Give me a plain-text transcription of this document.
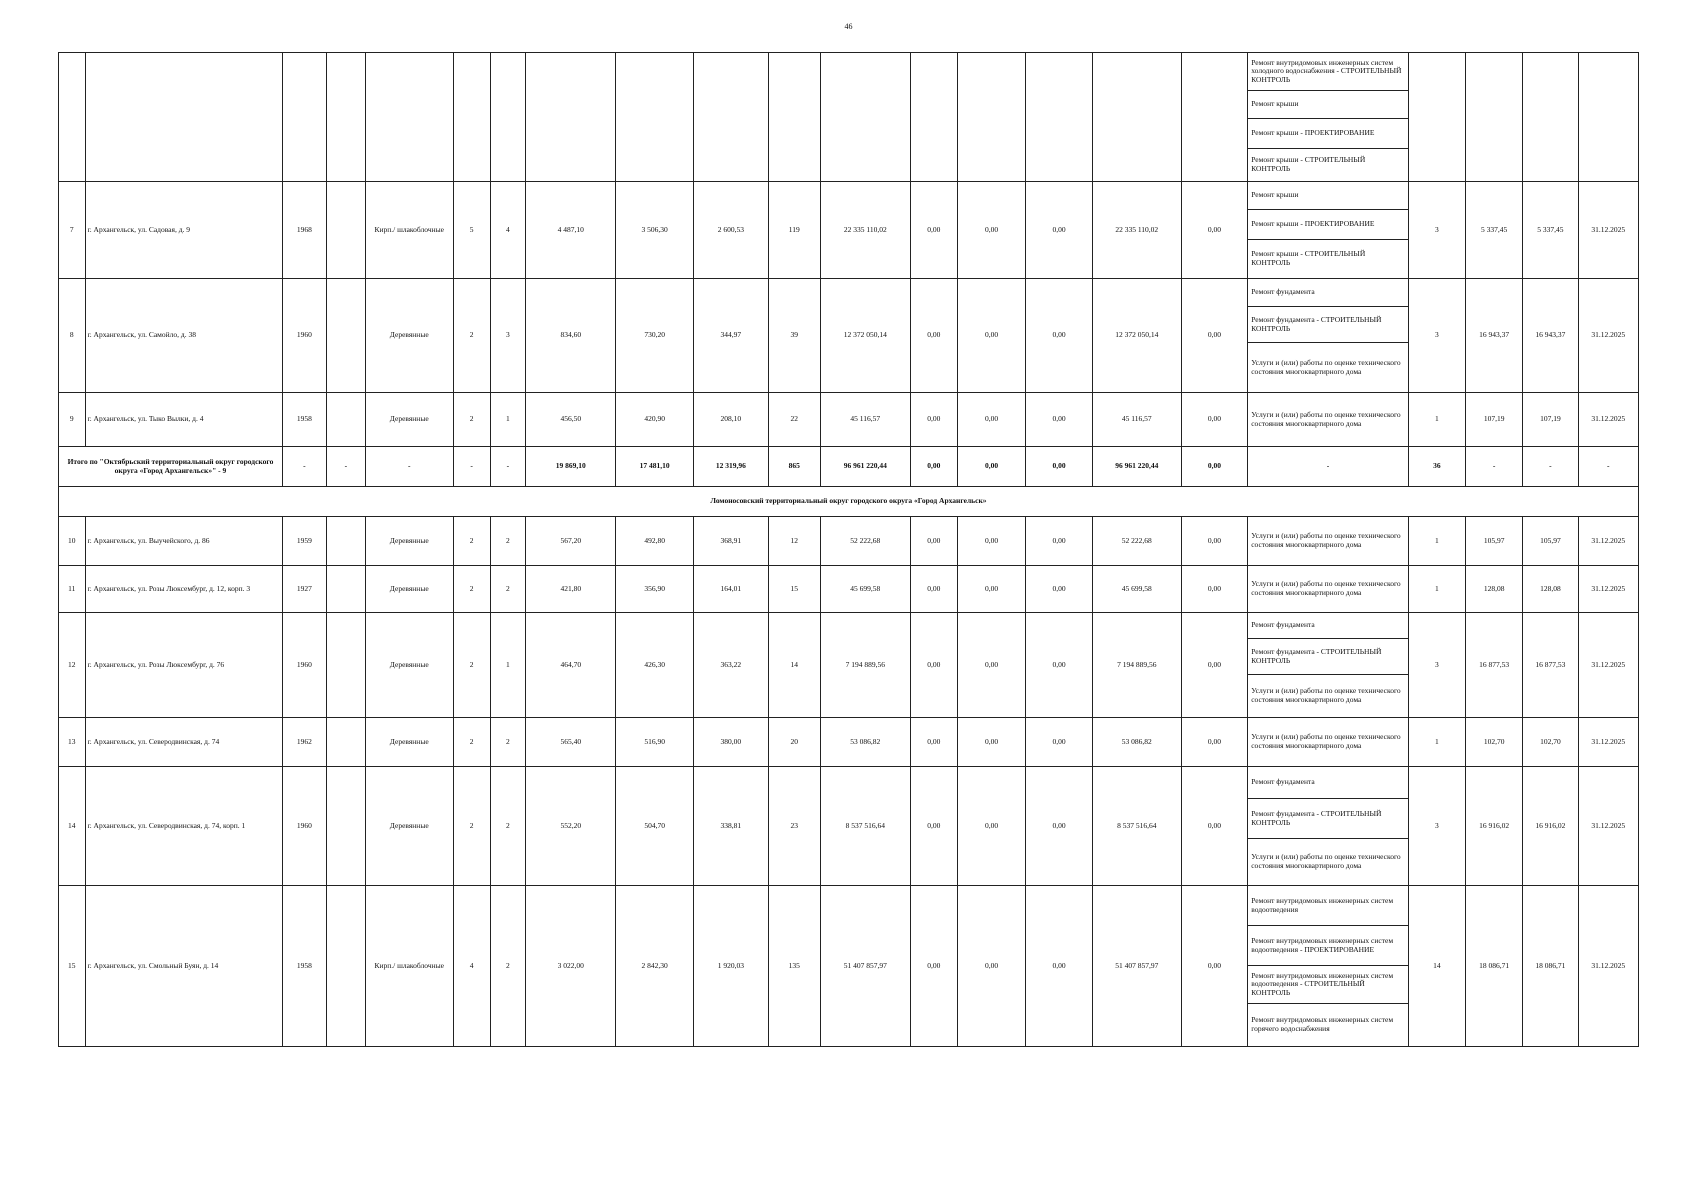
46

Ремонт внутридомовых инженерных систем холодного водоснабжения - СТРОИТЕЛЬНЫЙ КОНТРОЛЬ
Ремонт крыши
Ремонт крыши - ПРОЕКТИРОВАНИЕ
Ремонт крыши - СТРОИТЕЛЬНЫЙ КОНТРОЛЬ				

7	г. Архангельск, ул. Садовая, д. 9	1968		Кирп./ шлакоблочные	5	4	4 487,10	3 506,30	2 600,53	119	22 335 110,02	0,00	0,00	0,00	22 335 110,02	0,00	Ремонт крыши
Ремонт крыши - ПРОЕКТИРОВАНИЕ
Ремонт крыши - СТРОИТЕЛЬНЫЙ КОНТРОЛЬ	3	5 337,45	5 337,45	31.12.2025
8	г. Архангельск, ул. Самойло, д. 38	1960		Деревянные	2	3	834,60	730,20	344,97	39	12 372 050,14	0,00	0,00	0,00	12 372 050,14	0,00	Ремонт фундамента
Ремонт фундамента - СТРОИТЕЛЬНЫЙ КОНТРОЛЬ
Услуги и (или) работы по оценке технического состояния многоквартирного дома	3	16 943,37	16 943,37	31.12.2025
9	г. Архангельск, ул. Тыко Вылки, д. 4	1958		Деревянные	2	1	456,50	420,90	208,10	22	45 116,57	0,00	0,00	0,00	45 116,57	0,00	Услуги и (или) работы по оценке технического состояния многоквартирного дома	1	107,19	107,19	31.12.2025
Итого по "Октябрьский территориальный округ городского округа «Город Архангельск»" - 9		-	-	-	-	-	19 869,10	17 481,10	12 319,96	865	96 961 220,44	0,00	0,00	0,00	96 961 220,44	0,00	-	36	-	-	-
Ломоносовский территориальный округ городского округа «Город Архангельск»																					
10	г. Архангельск, ул. Выучейского, д. 86	1959		Деревянные	2	2	567,20	492,80	368,91	12	52 222,68	0,00	0,00	0,00	52 222,68	0,00	Услуги и (или) работы по оценке технического состояния многоквартирного дома	1	105,97	105,97	31.12.2025
11	г. Архангельск, ул. Розы Люксембург, д. 12, корп. 3	1927		Деревянные	2	2	421,80	356,90	164,01	15	45 699,58	0,00	0,00	0,00	45 699,58	0,00	Услуги и (или) работы по оценке технического состояния многоквартирного дома	1	128,08	128,08	31.12.2025
12	г. Архангельск, ул. Розы Люксембург, д. 76	1960		Деревянные	2	1	464,70	426,30	363,22	14	7 194 889,56	0,00	0,00	0,00	7 194 889,56	0,00	Ремонт фундамента
Ремонт фундамента - СТРОИТЕЛЬНЫЙ КОНТРОЛЬ
Услуги и (или) работы по оценке технического состояния многоквартирного дома	3	16 877,53	16 877,53	31.12.2025
13	г. Архангельск, ул. Северодвинская, д. 74	1962		Деревянные	2	2	565,40	516,90	380,00	20	53 086,82	0,00	0,00	0,00	53 086,82	0,00	Услуги и (или) работы по оценке технического состояния многоквартирного дома	1	102,70	102,70	31.12.2025
14	г. Архангельск, ул. Северодвинская, д. 74, корп. 1	1960		Деревянные	2	2	552,20	504,70	338,81	23	8 537 516,64	0,00	0,00	0,00	8 537 516,64	0,00	Ремонт фундамента
Ремонт фундамента - СТРОИТЕЛЬНЫЙ КОНТРОЛЬ
Услуги и (или) работы по оценке технического состояния многоквартирного дома	3	16 916,02	16 916,02	31.12.2025
15	г. Архангельск, ул. Смольный Буян, д. 14	1958		Кирп./ шлакоблочные	4	2	3 022,00	2 842,30	1 920,03	135	51 407 857,97	0,00	0,00	0,00	51 407 857,97	0,00	Ремонт внутридомовых инженерных систем водоотведения
Ремонт внутридомовых инженерных систем водоотведения - ПРОЕКТИРОВАНИЕ
Ремонт внутридомовых инженерных систем водоотведения - СТРОИТЕЛЬНЫЙ КОНТРОЛЬ
Ремонт внутридомовых инженерных систем горячего водоснабжения	14	18 086,71	18 086,71	31.12.2025
